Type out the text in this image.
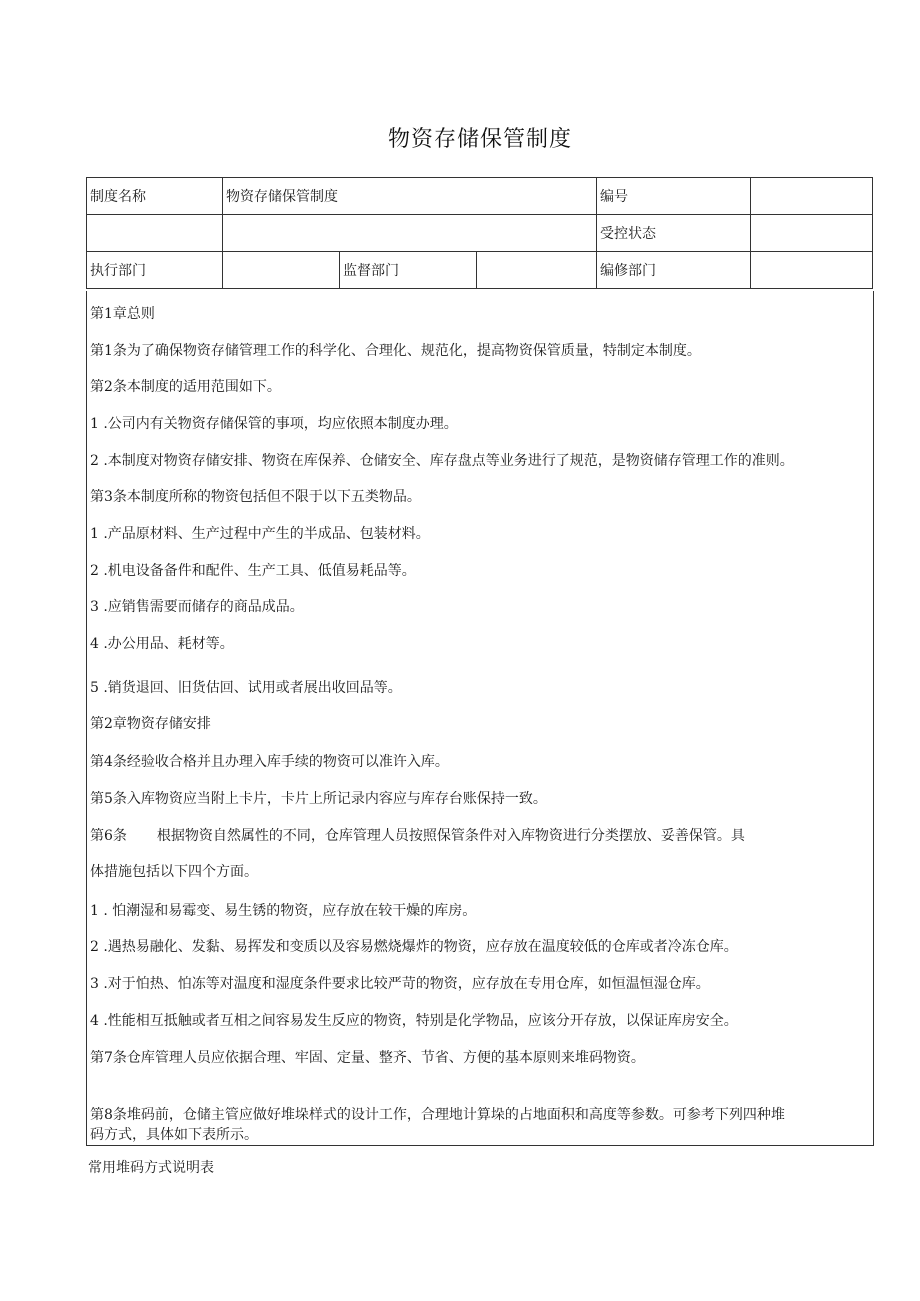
物资存储保管制度
制度名称	物资存储保管制度			编号	
				受控状态	
执行部门		监督部门		编修部门	
第1章总则
第1条为了确保物资存储管理工作的科学化、合理化、规范化，提高物资保管质量，特制定本制度。
第2条本制度的适用范围如下。
1 .公司内有关物资存储保管的事项，均应依照本制度办理。
2 .本制度对物资存储安排、物资在库保养、仓储安全、库存盘点等业务进行了规范，是物资储存管理工作的准则。
第3条本制度所称的物资包括但不限于以下五类物品。
1 .产品原材料、生产过程中产生的半成品、包装材料。
2 .机电设备备件和配件、生产工具、低值易耗品等。
3 .应销售需要而储存的商品成品。
4 .办公用品、耗材等。
5 .销货退回、旧货估回、试用或者展出收回品等。
第2章物资存储安排
第4条经验收合格并且办理入库手续的物资可以准许入库。
第5条入库物资应当附上卡片，卡片上所记录内容应与库存台账保持一致。
第6条 根据物资自然属性的不同，仓库管理人员按照保管条件对入库物资进行分类摆放、妥善保管。具
体措施包括以下四个方面。
1 . 怕潮湿和易霉变、易生锈的物资，应存放在较干燥的库房。
2 .遇热易融化、发黏、易挥发和变质以及容易燃烧爆炸的物资，应存放在温度较低的仓库或者冷冻仓库。
3 .对于怕热、怕冻等对温度和湿度条件要求比较严苛的物资，应存放在专用仓库，如恒温恒湿仓库。
4 .性能相互抵触或者互相之间容易发生反应的物资，特别是化学物品，应该分开存放，以保证库房安全。
第7条仓库管理人员应依据合理、牢固、定量、整齐、节省、方便的基本原则来堆码物资。
第8条堆码前，仓储主管应做好堆垛样式的设计工作，合理地计算垛的占地面积和高度等参数。可参考下列四种堆
码方式，具体如下表所示。
常用堆码方式说明表
